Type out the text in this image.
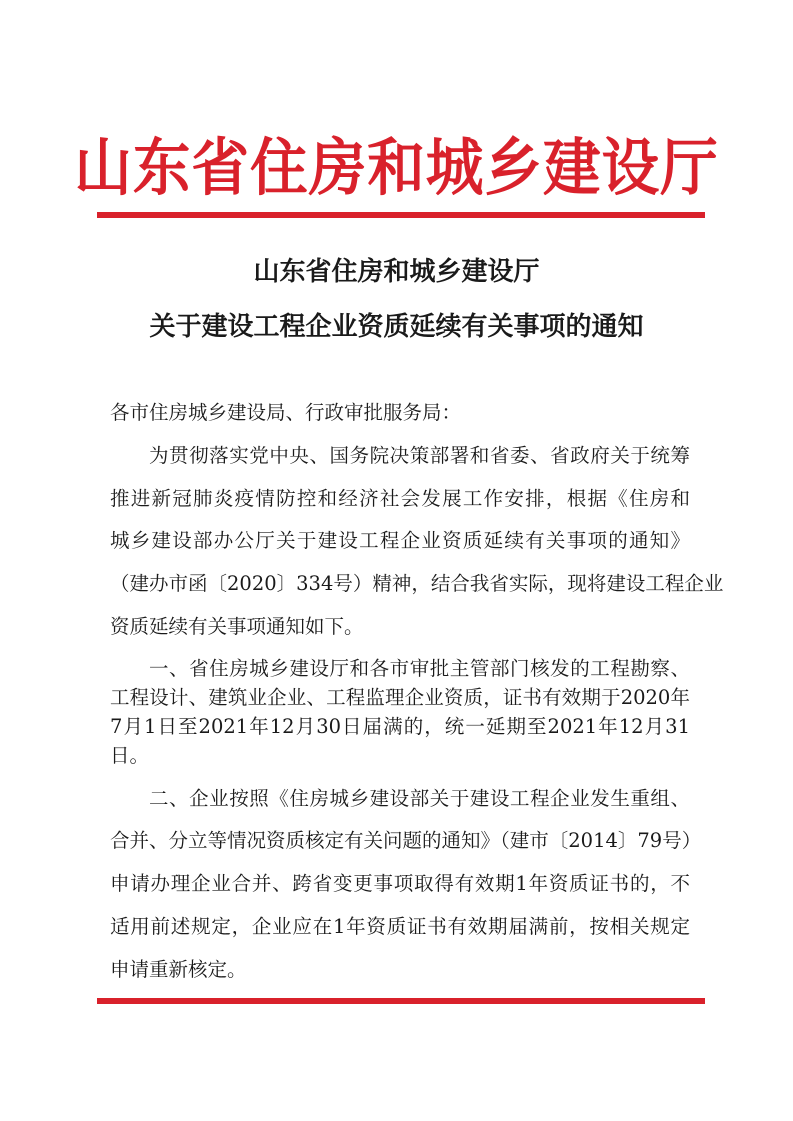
山东省住房和城乡建设厅
山东省住房和城乡建设厅
关于建设工程企业资质延续有关事项的通知
各市住房城乡建设局、行政审批服务局：
为贯彻落实党中央、国务院决策部署和省委、省政府关于统筹
推进新冠肺炎疫情防控和经济社会发展工作安排，根据《住房和
城乡建设部办公厅关于建设工程企业资质延续有关事项的通知》
（建办市函〔2020〕334号）精神，结合我省实际，现将建设工程企业
资质延续有关事项通知如下。
一、省住房城乡建设厅和各市审批主管部门核发的工程勘察、
工程设计、建筑业企业、工程监理企业资质，证书有效期于2020年
7月1日至2021年12月30日届满的，统一延期至2021年12月31
日。
二、企业按照《住房城乡建设部关于建设工程企业发生重组、
合并、分立等情况资质核定有关问题的通知》（建市〔2014〕79号）
申请办理企业合并、跨省变更事项取得有效期1年资质证书的，不
适用前述规定，企业应在1年资质证书有效期届满前，按相关规定
申请重新核定。
